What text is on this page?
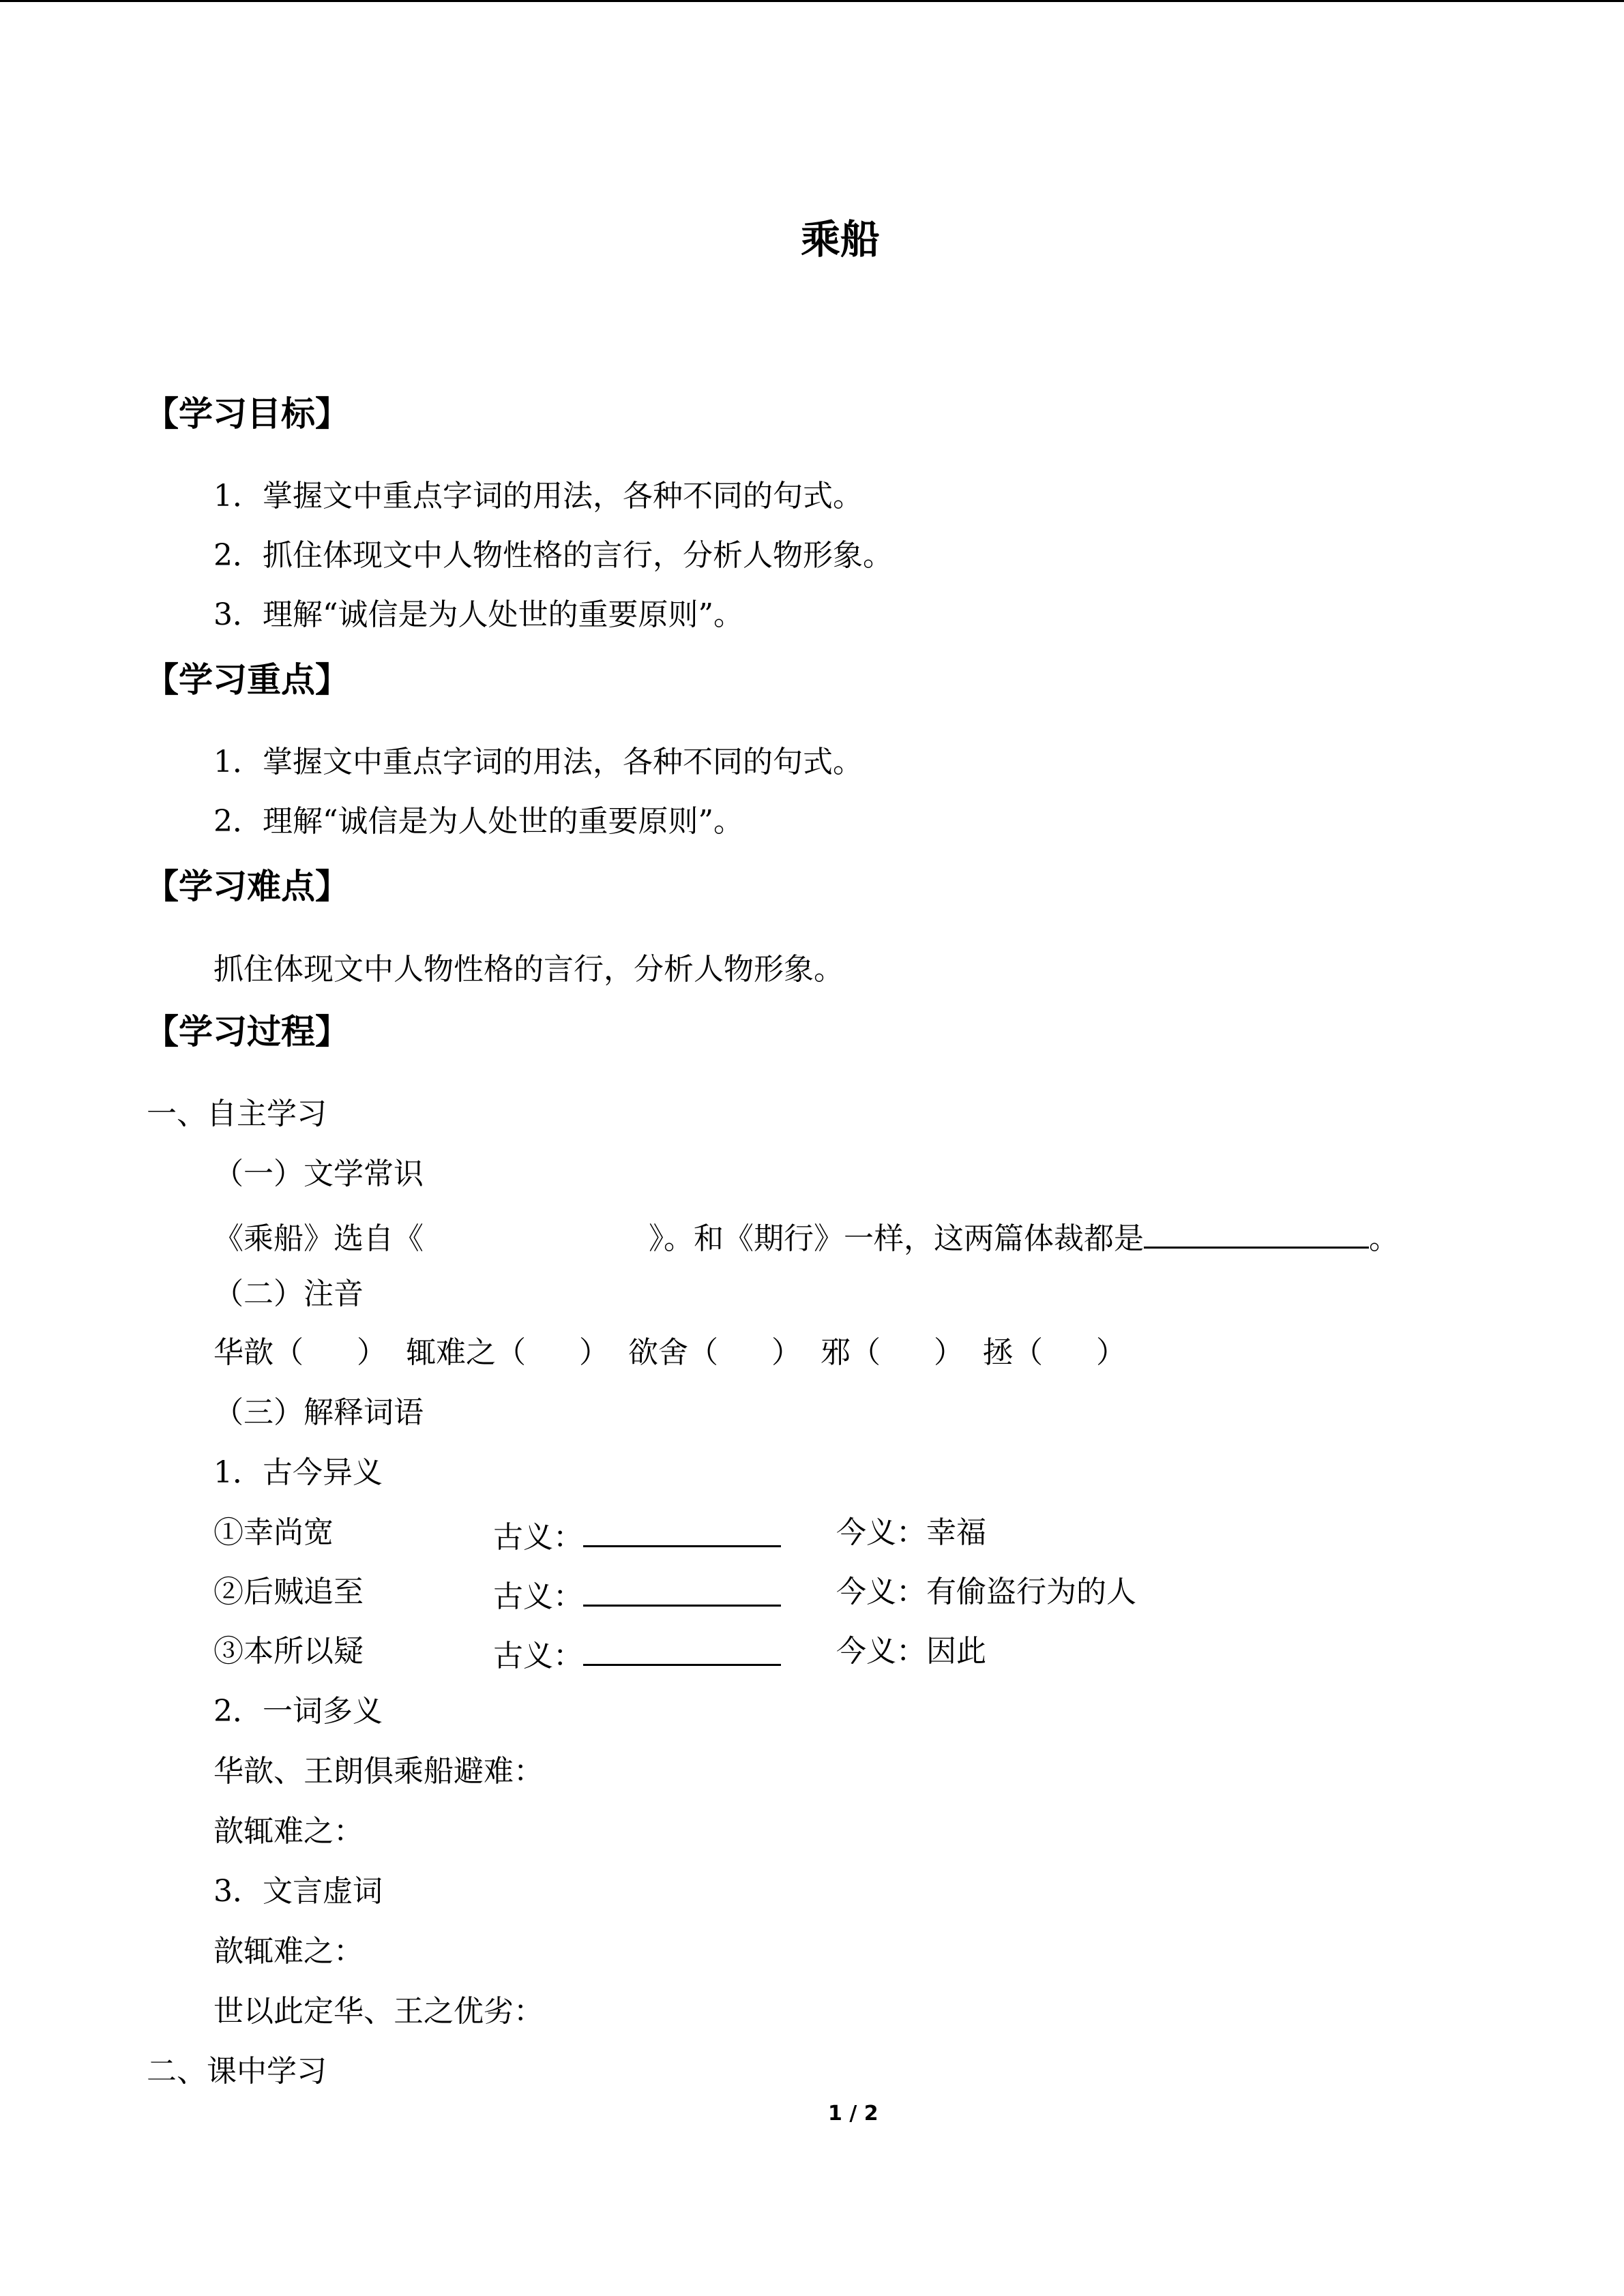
乘船
【学习目标】
1．掌握文中重点字词的用法，各种不同的句式。
2．抓住体现文中人物性格的言行，分析人物形象。
3．理解“诚信是为人处世的重要原则”。
【学习重点】
1．掌握文中重点字词的用法，各种不同的句式。
2．理解“诚信是为人处世的重要原则”。
【学习难点】
抓住体现文中人物性格的言行，分析人物形象。
【学习过程】
一、自主学习
（一）文学常识
《乘船》选自《	》。和《期行》一样，这两篇体裁都是	。
（二）注音
华歆（ ） 辄难之（ ） 欲舍（ ） 邪（ ） 拯（ ）
（三）解释词语
1．古今异义
①幸尚宽	古义：	今义：幸福
②后贼追至	古义：	今义：有偷盗行为的人
③本所以疑	古义：	今义：因此
2．一词多义
华歆、王朗俱乘船避难：
歆辄难之：
3．文言虚词
歆辄难之：
世以此定华、王之优劣：
二、课中学习
1 / 2
